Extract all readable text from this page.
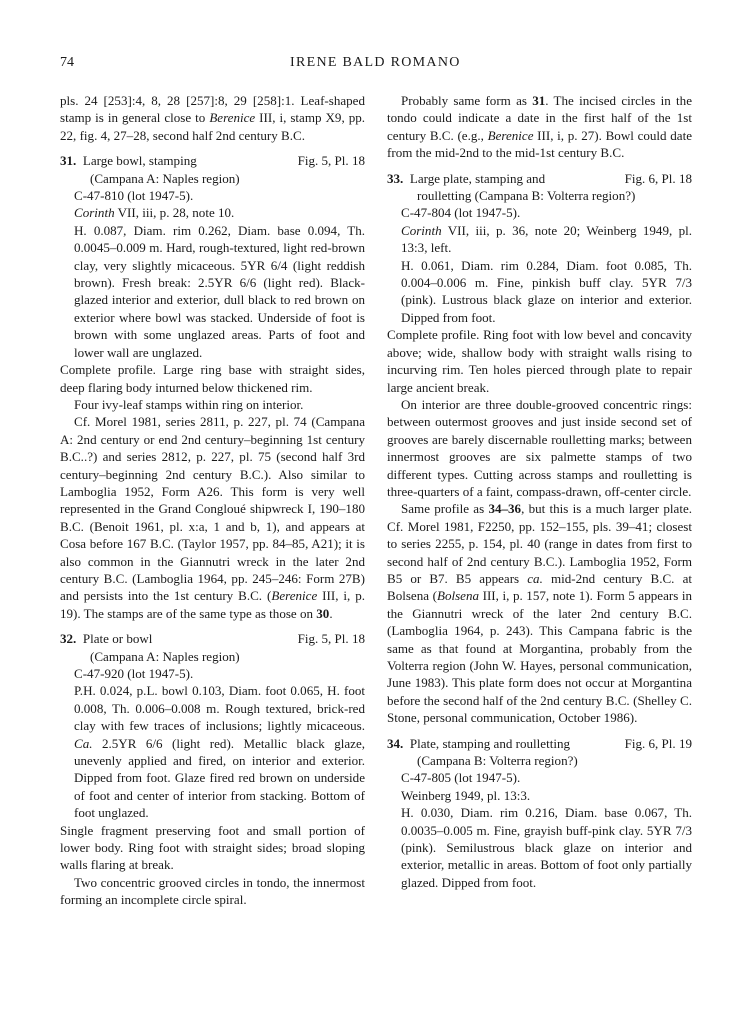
74	IRENE BALD ROMANO

pls. 24 [253]:4, 8, 28 [257]:8, 29 [258]:1. Leaf-shaped stamp is in general close to Berenice III, i, stamp X9, pp. 22, fig. 4, 27–28, second half 2nd century B.C.

31. Large bowl, stamping	Fig. 5, Pl. 18
(Campana A: Naples region)

C-47-810 (lot 1947-5).

Corinth VII, iii, p. 28, note 10.

H. 0.087, Diam. rim 0.262, Diam. base 0.094, Th. 0.0045–0.009 m. Hard, rough-textured, light red-brown clay, very slightly micaceous. 5YR 6/4 (light reddish brown). Fresh break: 2.5YR 6/6 (light red). Black-glazed interior and exterior, dull black to red brown on exterior where bowl was stacked. Underside of foot is brown with some unglazed areas. Parts of foot and lower wall are unglazed.

Complete profile. Large ring base with straight sides, deep flaring body inturned below thickened rim.

Four ivy-leaf stamps within ring on interior.

Cf. Morel 1981, series 2811, p. 227, pl. 74 (Campana A: 2nd century or end 2nd century–beginning 1st century B.C..?) and series 2812, p. 227, pl. 75 (second half 3rd century–beginning 2nd century B.C.). Also similar to Lamboglia 1952, Form A26. This form is very well represented in the Grand Congloué shipwreck I, 190–180 B.C. (Benoit 1961, pl. x:a, 1 and b, 1), and appears at Cosa before 167 B.C. (Taylor 1957, pp. 84–85, A21); it is also common in the Giannutri wreck in the later 2nd century B.C. (Lamboglia 1964, pp. 245–246: Form 27B) and persists into the 1st century B.C. (Berenice III, i, p. 19). The stamps are of the same type as those on 30.

32. Plate or bowl	Fig. 5, Pl. 18
(Campana A: Naples region)

C-47-920 (lot 1947-5).

P.H. 0.024, p.L. bowl 0.103, Diam. foot 0.065, H. foot 0.008, Th. 0.006–0.008 m. Rough textured, brick-red clay with few traces of inclusions; lightly micaceous. Ca. 2.5YR 6/6 (light red). Metallic black glaze, unevenly applied and fired, on interior and exterior. Dipped from foot. Glaze fired red brown on underside of foot and center of interior from stacking. Bottom of foot unglazed.

Single fragment preserving foot and small portion of lower body. Ring foot with straight sides; broad sloping walls flaring at break.

Two concentric grooved circles in tondo, the innermost forming an incomplete circle spiral.

Probably same form as 31. The incised circles in the tondo could indicate a date in the first half of the 1st century B.C. (e.g., Berenice III, i, p. 27). Bowl could date from the mid-2nd to the mid-1st century B.C.

33. Large plate, stamping and	Fig. 6, Pl. 18
roulletting (Campana B: Volterra region?)

C-47-804 (lot 1947-5).

Corinth VII, iii, p. 36, note 20; Weinberg 1949, pl. 13:3, left.

H. 0.061, Diam. rim 0.284, Diam. foot 0.085, Th. 0.004–0.006 m. Fine, pinkish buff clay. 5YR 7/3 (pink). Lustrous black glaze on interior and exterior. Dipped from foot.

Complete profile. Ring foot with low bevel and concavity above; wide, shallow body with straight walls rising to incurving rim. Ten holes pierced through plate to repair large ancient break.

On interior are three double-grooved concentric rings: between outermost grooves and just inside second set of grooves are barely discernable roulletting marks; between innermost grooves are six palmette stamps of two different types. Cutting across stamps and roulletting is three-quarters of a faint, compass-drawn, off-center circle.

Same profile as 34–36, but this is a much larger plate. Cf. Morel 1981, F2250, pp. 152–155, pls. 39–41; closest to series 2255, p. 154, pl. 40 (range in dates from first to second half of 2nd century B.C.). Lamboglia 1952, Form B5 or B7. B5 appears ca. mid-2nd century B.C. at Bolsena (Bolsena III, i, p. 157, note 1). Form 5 appears in the Giannutri wreck of the later 2nd century B.C. (Lamboglia 1964, p. 243). This Campana fabric is the same as that found at Morgantina, probably from the Volterra region (John W. Hayes, personal communication, June 1983). This plate form does not occur at Morgantina before the second half of the 2nd century B.C. (Shelley C. Stone, personal communication, October 1986).

34. Plate, stamping and roulletting	Fig. 6, Pl. 19
(Campana B: Volterra region?)

C-47-805 (lot 1947-5).

Weinberg 1949, pl. 13:3.

H. 0.030, Diam. rim 0.216, Diam. base 0.067, Th. 0.0035–0.005 m. Fine, grayish buff-pink clay. 5YR 7/3 (pink). Semilustrous black glaze on interior and exterior, metallic in areas. Bottom of foot only partially glazed. Dipped from foot.
